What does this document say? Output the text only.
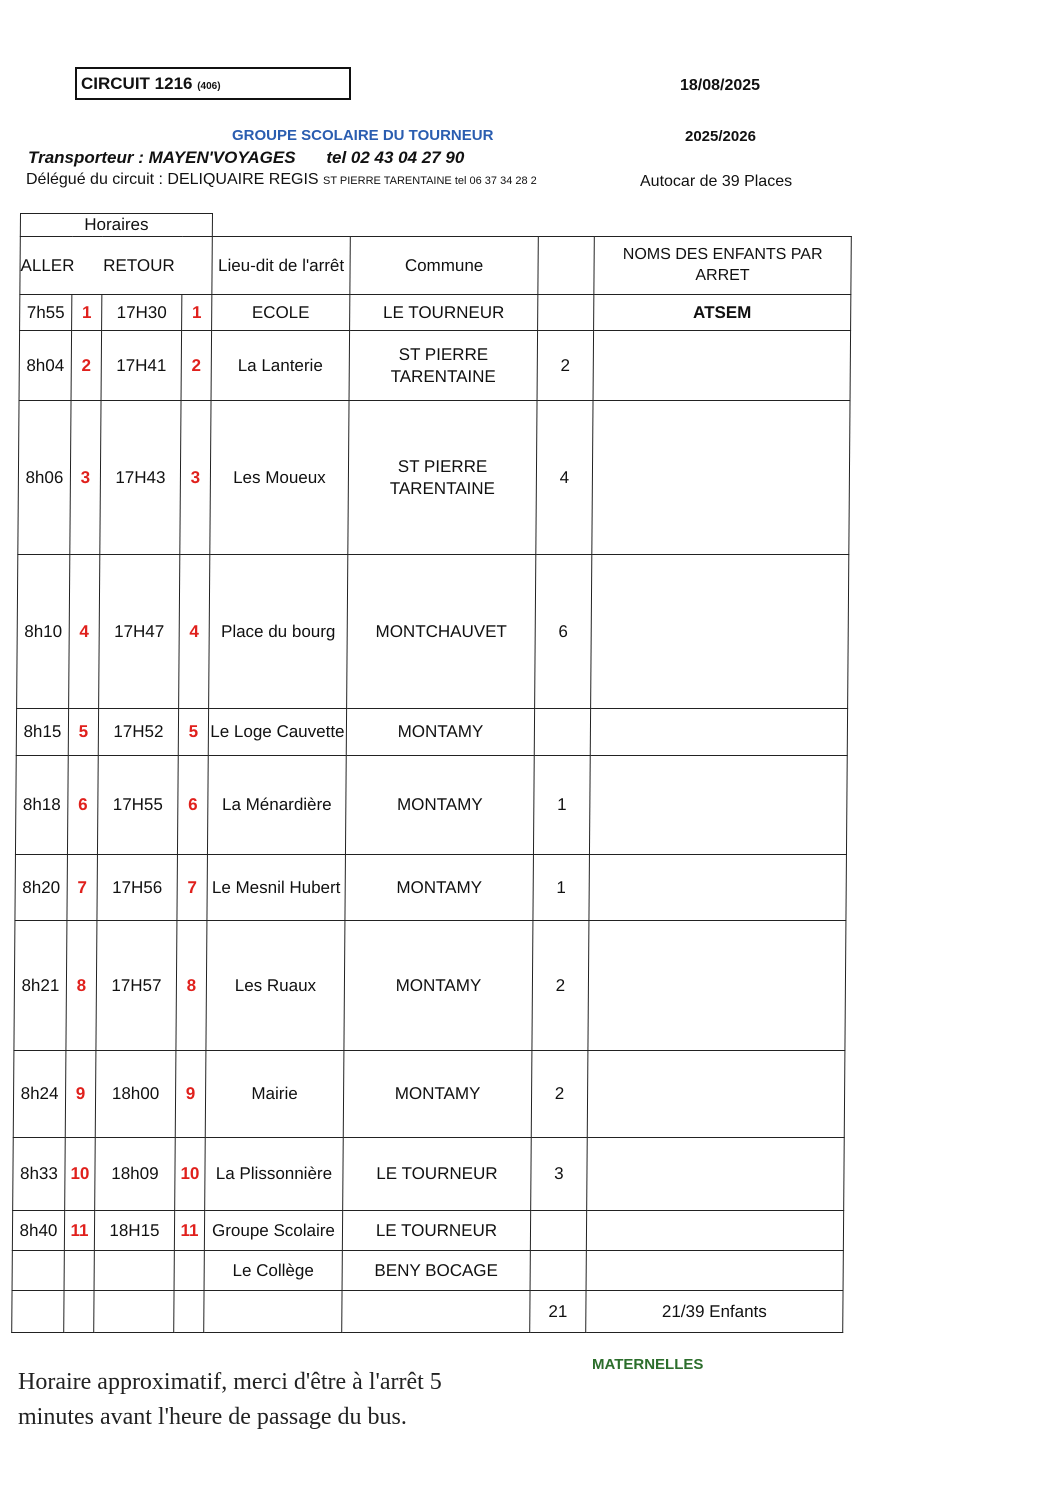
CIRCUIT 1216 (406)	18/08/2025
GROUPE SCOLAIRE DU TOURNEUR	2025/2026
Transporteur : MAYEN'VOYAGES tel 02 43 04 27 90
Délégué du circuit : DELIQUAIRE REGIS ST PIERRE TARENTAINE tel 06 37 34 28 2	Autocar de 39 Places
Horaires							
ALLER RETOUR				Lieu-dit de l'arrêt	Commune		NOMS DES ENFANTS PAR ARRET
7h55	1	17H30	1	ECOLE	LE TOURNEUR		ATSEM
8h04	2	17H41	2	La Lanterie	ST PIERRE TARENTAINE	2	
8h06	3	17H43	3	Les Moueux	ST PIERRE TARENTAINE	4	
8h10	4	17H47	4	Place du bourg	MONTCHAUVET	6	
8h15	5	17H52	5	Le Loge Cauvette	MONTAMY		
8h18	6	17H55	6	La Ménardière	MONTAMY	1	
8h20	7	17H56	7	Le Mesnil Hubert	MONTAMY	1	
8h21	8	17H57	8	Les Ruaux	MONTAMY	2	
8h24	9	18h00	9	Mairie	MONTAMY	2	
8h33	10	18h09	10	La Plissonnière	LE TOURNEUR	3	
8h40	11	18H15	11	Groupe Scolaire	LE TOURNEUR		
				Le Collège	BENY BOCAGE		
						21	21/39 Enfants
Horaire approximatif, merci d'être à l'arrêt 5
minutes avant l'heure de passage du bus.
MATERNELLES
